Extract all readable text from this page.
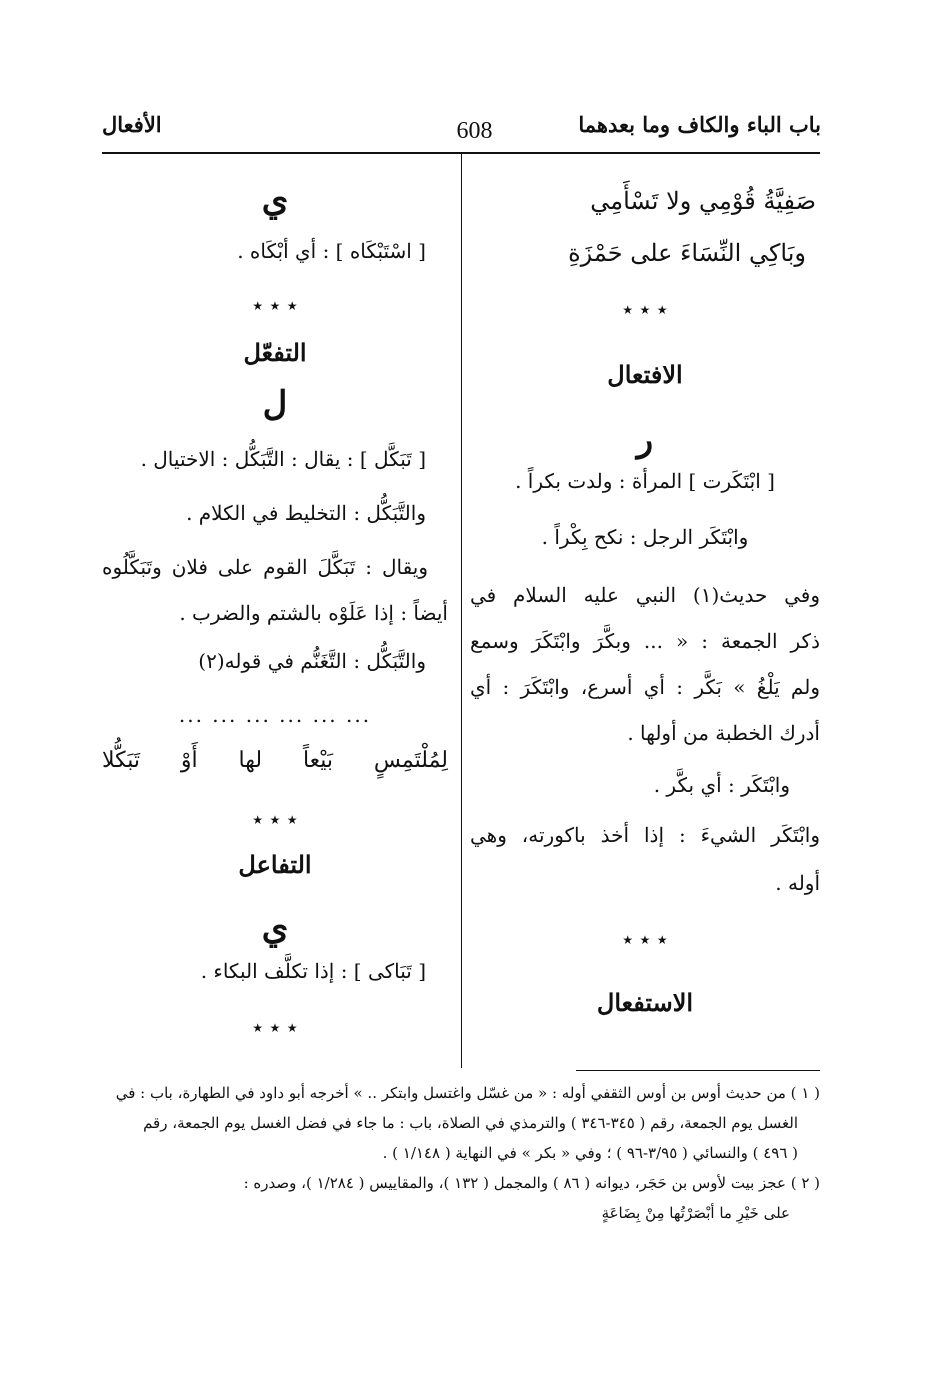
باب الباء والكاف وما بعدهما
608
الأفعال
صَفِيَّةُ قُوْمِي ولا تَسْأَمِي
وبَاكِي النِّسَاءَ على حَمْزَةِ
٭ ٭ ٭
الافتعال
ر
[ ابْتَكَرت ] المرأة : ولدت بكراً .
وابْتَكَر الرجل : نكح بِكْراً .
وفي حديث(١) النبي عليه السلام في
ذكر الجمعة : « ... وبكَّرَ وابْتَكَرَ وسمع
ولم يَلْغُ » بَكَّر : أي أسرع، وابْتَكَرَ : أي
أدرك الخطبة من أولها .
وابْتَكَر : أي بكَّر .
وابْتَكَر الشيءَ : إذا أخذ باكورته، وهي
أوله .
٭ ٭ ٭
الاستفعال
ي
[ اسْتَبْكَاه ] : أي أبْكَاه .
٭ ٭ ٭
التفعّل
ل
[ تَبَكَّل ] : يقال : التَّبَكُّل : الاختيال .
والتَّبَكُّل : التخليط في الكلام .
ويقال : تَبَكَّلَ القوم على فلان وتَبَكَّلُوه
أيضاً : إذا عَلَوْه بالشتم والضرب .
والتَّبَكُّل : التَّغَنُّم في قوله(٢)
... ... ... ... ... ...
لِمُلْتَمِسٍ بَيْعاً لها أَوْ تَبَكُّلا
٭ ٭ ٭
التفاعل
ي
[ تَبَاكى ] : إذا تكلَّف البكاء .
٭ ٭ ٭
( ١ ) من حديث أوس بن أوس الثقفي أوله : « من غسّل واغتسل وابتكر .. » أخرجه أبو داود في الطهارة، باب : في
الغسل يوم الجمعة، رقم ( ٣٤٥-٣٤٦ ) والترمذي في الصلاة، باب : ما جاء في فضل الغسل يوم الجمعة، رقم
( ٤٩٦ ) والنسائي ( ٣/٩٥-٩٦ ) ؛ وفي « بكر » في النهاية ( ١/١٤٨ ) .
( ٢ ) عجز بيت لأوس بن حَجَر، ديوانه ( ٨٦ ) والمجمل ( ١٣٢ )، والمقاييس ( ١/٢٨٤ )، وصدره :
على خَيْرِ ما أبْصَرْتُها مِنْ بِضَاعَةٍ
